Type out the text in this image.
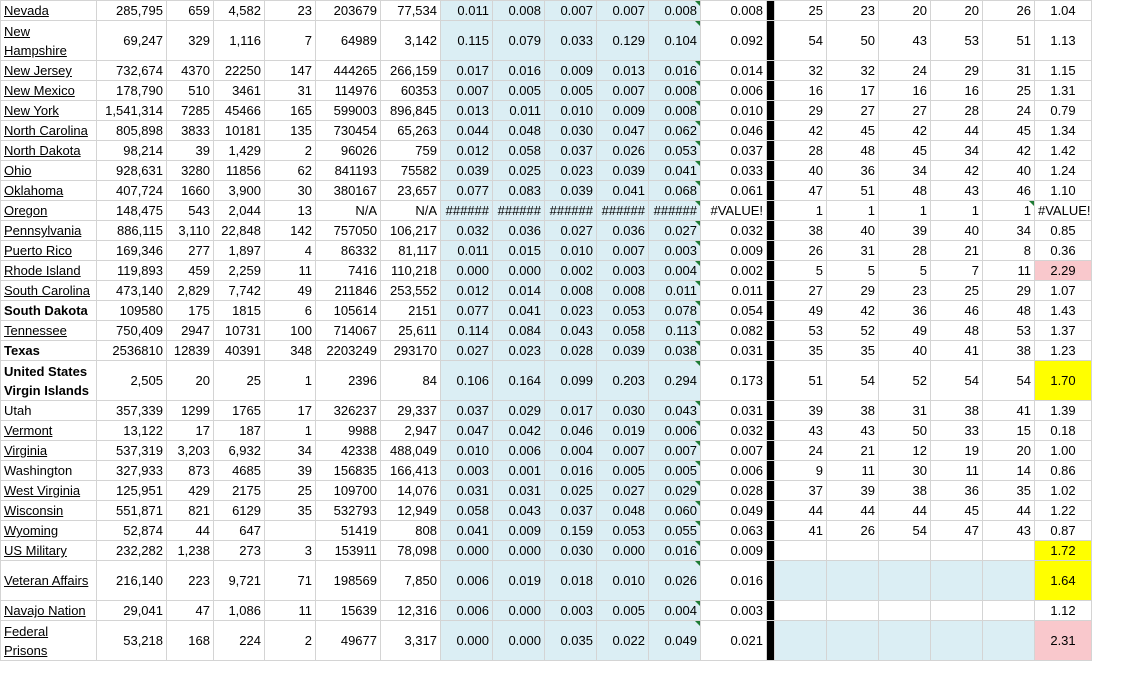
Nevada	285,795	659	4,582	23	203679	77,534	0.011	0.008	0.007	0.007	0.008	0.008		25	23	20	20	26	1.04
New Hampshire	69,247	329	1,116	7	64989	3,142	0.115	0.079	0.033	0.129	0.104	0.092		54	50	43	53	51	1.13
New Jersey	732,674	4370	22250	147	444265	266,159	0.017	0.016	0.009	0.013	0.016	0.014		32	32	24	29	31	1.15
New Mexico	178,790	510	3461	31	114976	60353	0.007	0.005	0.005	0.007	0.008	0.006		16	17	16	16	25	1.31
New York	1,541,314	7285	45466	165	599003	896,845	0.013	0.011	0.010	0.009	0.008	0.010		29	27	27	28	24	0.79
North Carolina	805,898	3833	10181	135	730454	65,263	0.044	0.048	0.030	0.047	0.062	0.046		42	45	42	44	45	1.34
North Dakota	98,214	39	1,429	2	96026	759	0.012	0.058	0.037	0.026	0.053	0.037		28	48	45	34	42	1.42
Ohio	928,631	3280	11856	62	841193	75582	0.039	0.025	0.023	0.039	0.041	0.033		40	36	34	42	40	1.24
Oklahoma	407,724	1660	3,900	30	380167	23,657	0.077	0.083	0.039	0.041	0.068	0.061		47	51	48	43	46	1.10
Oregon	148,475	543	2,044	13	N/A	N/A	######	######	######	######	######	#VALUE!		1	1	1	1	1	#VALUE!
Pennsylvania	886,115	3,110	22,848	142	757050	106,217	0.032	0.036	0.027	0.036	0.027	0.032		38	40	39	40	34	0.85
Puerto Rico	169,346	277	1,897	4	86332	81,117	0.011	0.015	0.010	0.007	0.003	0.009		26	31	28	21	8	0.36
Rhode Island	119,893	459	2,259	11	7416	110,218	0.000	0.000	0.002	0.003	0.004	0.002		5	5	5	7	11	2.29
South Carolina	473,140	2,829	7,742	49	211846	253,552	0.012	0.014	0.008	0.008	0.011	0.011		27	29	23	25	29	1.07
South Dakota	109580	175	1815	6	105614	2151	0.077	0.041	0.023	0.053	0.078	0.054		49	42	36	46	48	1.43
Tennessee	750,409	2947	10731	100	714067	25,611	0.114	0.084	0.043	0.058	0.113	0.082		53	52	49	48	53	1.37
Texas	2536810	12839	40391	348	2203249	293170	0.027	0.023	0.028	0.039	0.038	0.031		35	35	40	41	38	1.23
United States Virgin Islands	2,505	20	25	1	2396	84	0.106	0.164	0.099	0.203	0.294	0.173		51	54	52	54	54	1.70
Utah	357,339	1299	1765	17	326237	29,337	0.037	0.029	0.017	0.030	0.043	0.031		39	38	31	38	41	1.39
Vermont	13,122	17	187	1	9988	2,947	0.047	0.042	0.046	0.019	0.006	0.032		43	43	50	33	15	0.18
Virginia	537,319	3,203	6,932	34	42338	488,049	0.010	0.006	0.004	0.007	0.007	0.007		24	21	12	19	20	1.00
Washington	327,933	873	4685	39	156835	166,413	0.003	0.001	0.016	0.005	0.005	0.006		9	11	30	11	14	0.86
West Virginia	125,951	429	2175	25	109700	14,076	0.031	0.031	0.025	0.027	0.029	0.028		37	39	38	36	35	1.02
Wisconsin	551,871	821	6129	35	532793	12,949	0.058	0.043	0.037	0.048	0.060	0.049		44	44	44	45	44	1.22
Wyoming	52,874	44	647		51419	808	0.041	0.009	0.159	0.053	0.055	0.063		41	26	54	47	43	0.87
US Military	232,282	1,238	273	3	153911	78,098	0.000	0.000	0.030	0.000	0.016	0.009							1.72
Veteran Affairs	216,140	223	9,721	71	198569	7,850	0.006	0.019	0.018	0.010	0.026	0.016							1.64
Navajo Nation	29,041	47	1,086	11	15639	12,316	0.006	0.000	0.003	0.005	0.004	0.003							1.12
Federal Prisons	53,218	168	224	2	49677	3,317	0.000	0.000	0.035	0.022	0.049	0.021							2.31
